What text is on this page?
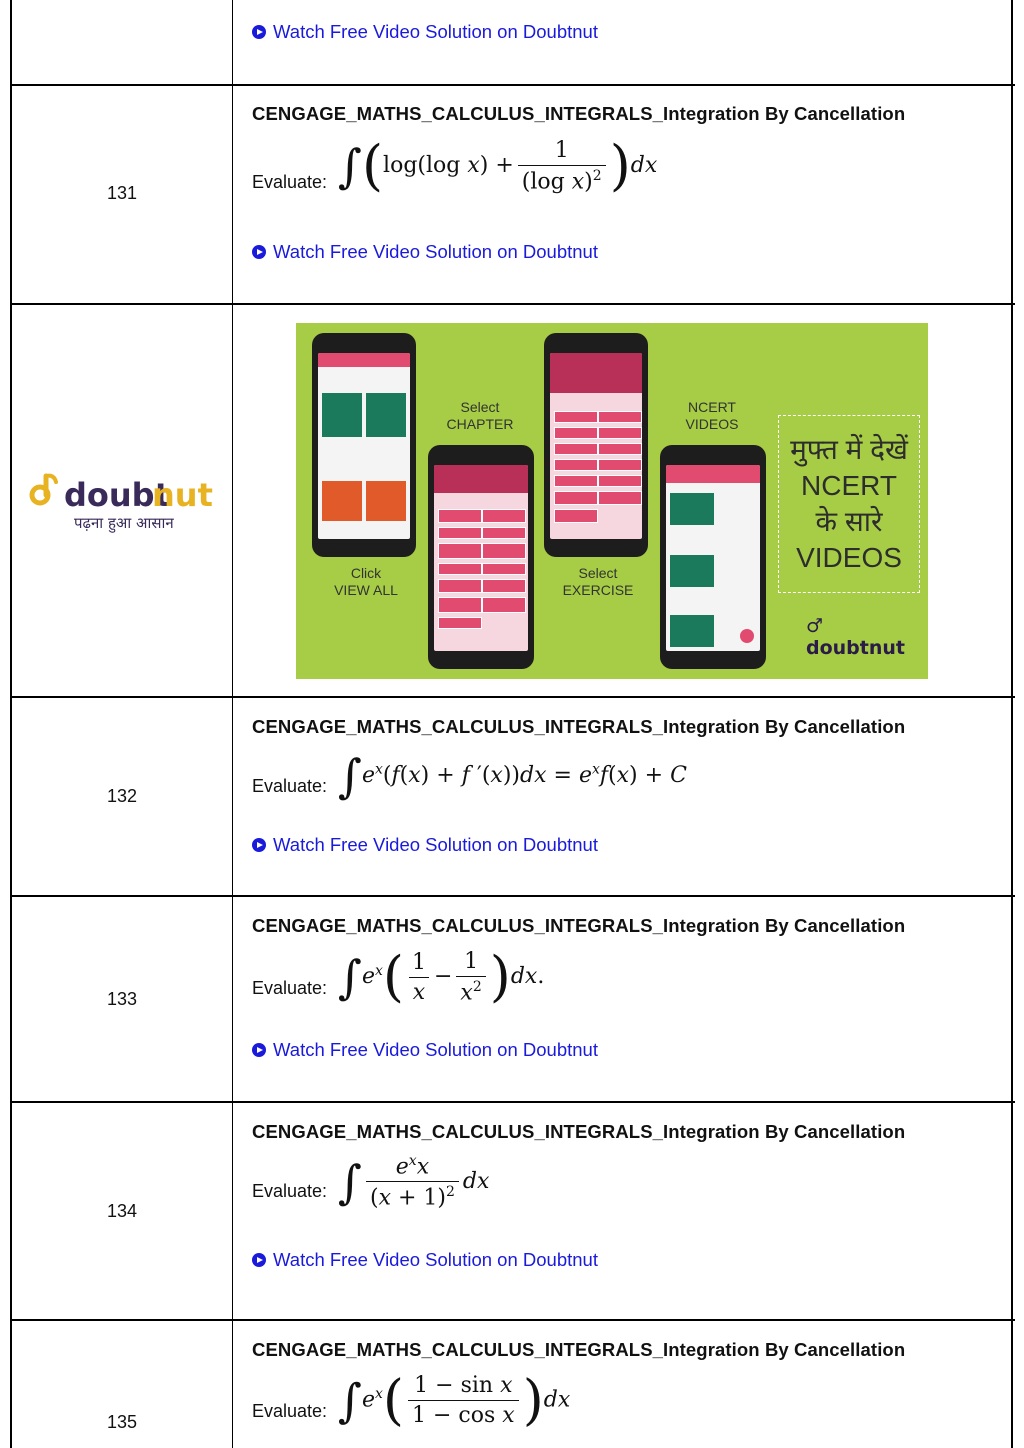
Watch Free Video Solution on Doubtnut
131

CENGAGE_MATHS_CALCULUS_INTEGRALS_Integration By Cancellation

Evaluate: ∫(log(log $x) + \frac{1}{(\log x)^2} )dx$
Watch Free Video Solution on Doubtnut
132

CENGAGE_MATHS_CALCULUS_INTEGRALS_Integration By Cancellation

Evaluate: $\int e^x(f(x) + f$ $'(x))dx = e^xf(x) + C$
Watch Free Video Solution on Doubtnut
133

CENGAGE_MATHS_CALCULUS_INTEGRALS_Integration By Cancellation

Evaluate: $\int e^x( \frac{1}{x} - \frac{1}{x^2} )dx$.
Watch Free Video Solution on Doubtnut
134

CENGAGE_MATHS_CALCULUS_INTEGRALS_Integration By Cancellation

Evaluate: ∫ $\frac{e^xx}{(x + 1)^2}$ dx
Watch Free Video Solution on Doubtnut
135

CENGAGE_MATHS_CALCULUS_INTEGRALS_Integration By Cancellation

Evaluate: $\int e^x( \frac{\text{1 − sin x}}{\text{1 − cos x}} )dx$
doubt
nut
पढ़ना हुआ आसान
Click
VIEW ALL
Select
CHAPTER
Select
EXERCISE
NCERT
VIDEOS
मुफ्त में देखें
NCERT
के सारे
VIDEOS
♂ doubtnut
